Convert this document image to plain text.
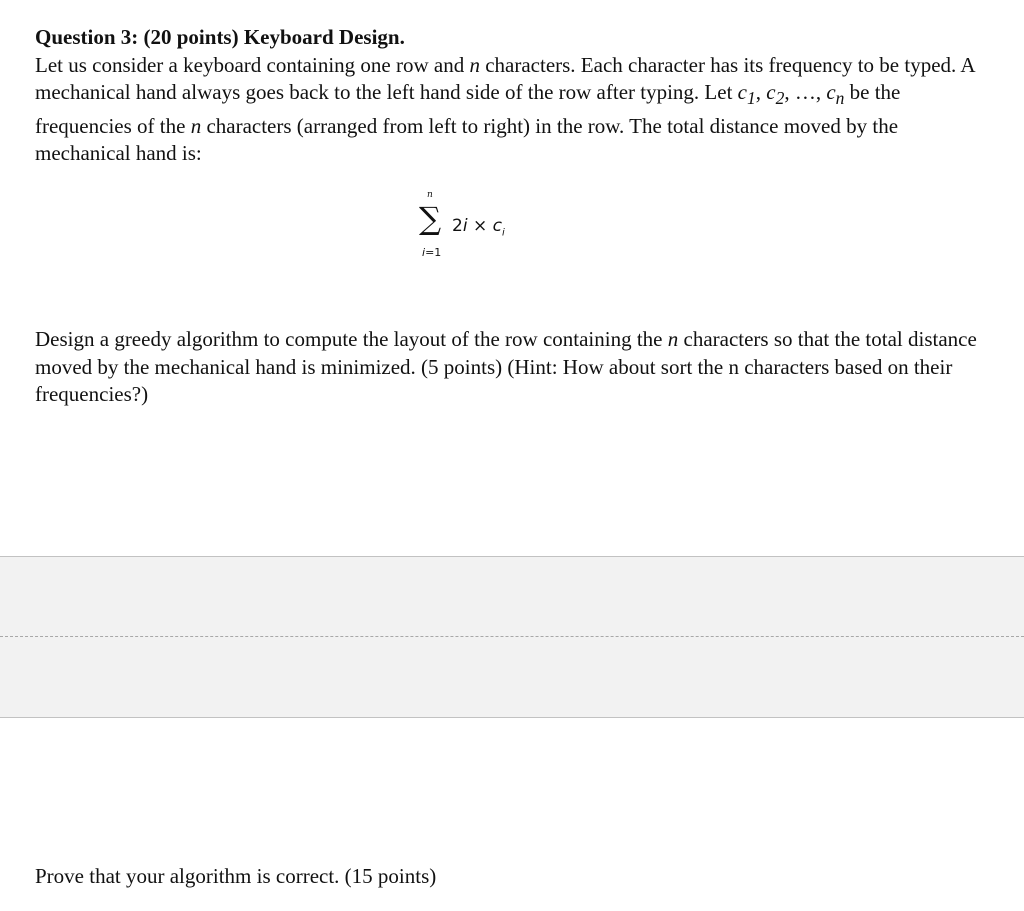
Question 3: (20 points) Keyboard Design.
Let us consider a keyboard containing one row and n characters. Each character has its frequency to be typed. A mechanical hand always goes back to the left hand side of the row after typing. Let $c_1$, $c_2$, …, $c_n$ be the frequencies of the n characters (arranged from left to right) in the row. The total distance moved by the mechanical hand is:
n
∑
i=1
$2i \times c_i$
Design a greedy algorithm to compute the layout of the row containing the n characters so that the total distance moved by the mechanical hand is minimized. (5 points) (Hint: How about sort the n characters based on their frequencies?)
Prove that your algorithm is correct. (15 points)
